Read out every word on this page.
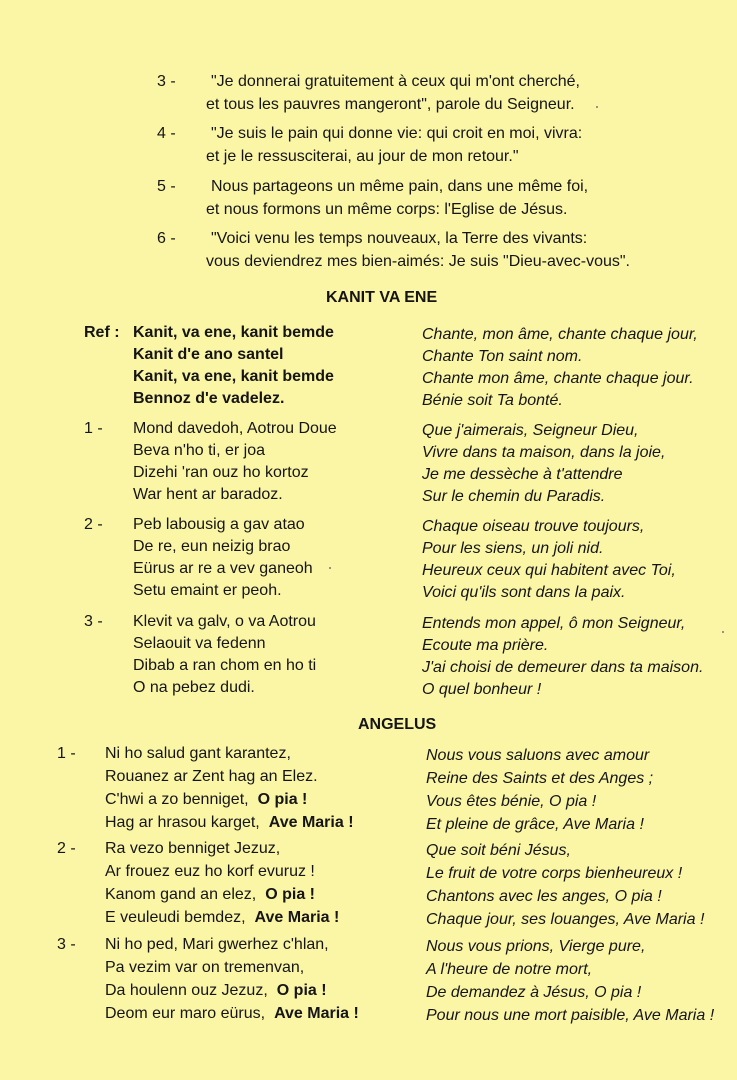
3 - "Je donnerai gratuitement à ceux qui m'ont cherché,
et tous les pauvres mangeront", parole du Seigneur.
4 - "Je suis le pain qui donne vie: qui croit en moi, vivra:
et je le ressusciterai, au jour de mon retour."
5 - Nous partageons un même pain, dans une même foi,
et nous formons un même corps: l'Eglise de Jésus.
6 - "Voici venu les temps nouveaux, la Terre des vivants:
vous deviendrez mes bien-aimés: Je suis "Dieu-avec-vous".
KANIT VA ENE
Ref : Kanit, va ene, kanit bemde
Kanit d'e ano santel
Kanit, va ene, kanit bemde
Bennoz d'e vadelez.
Chante, mon âme, chante chaque jour,
Chante Ton saint nom.
Chante mon âme, chante chaque jour.
Bénie soit Ta bonté.
1 - Mond davedoh, Aotrou Doue
Beva n'ho ti, er joa
Dizehi 'ran ouz ho kortoz
War hent ar baradoz.
Que j'aimerais, Seigneur Dieu,
Vivre dans ta maison, dans la joie,
Je me dessèche à t'attendre
Sur le chemin du Paradis.
2 - Peb labousig a gav atao
De re, eun neizig brao
Eürus ar re a vev ganeoh
Setu emaint er peoh.
Chaque oiseau trouve toujours,
Pour les siens, un joli nid.
Heureux ceux qui habitent avec Toi,
Voici qu'ils sont dans la paix.
3 - Klevit va galv, o va Aotrou
Selaouit va fedenn
Dibab a ran chom en ho ti
O na pebez dudi.
Entends mon appel, ô mon Seigneur,
Ecoute ma prière.
J'ai choisi de demeurer dans ta maison.
O quel bonheur !
ANGELUS
1 - Ni ho salud gant karantez,
Rouanez ar Zent hag an Elez.
C'hwi a zo benniget, O pia !
Hag ar hrasou karget, Ave Maria !
Nous vous saluons avec amour
Reine des Saints et des Anges ;
Vous êtes bénie, O pia !
Et pleine de grâce, Ave Maria !
2 - Ra vezo benniget Jezuz,
Ar frouez euz ho korf evuruz !
Kanom gand an elez, O pia !
E veuleudi bemdez, Ave Maria !
Que soit béni Jésus,
Le fruit de votre corps bienheureux !
Chantons avec les anges, O pia !
Chaque jour, ses louanges, Ave Maria !
3 - Ni ho ped, Mari gwerhez c'hlan,
Pa vezim var on tremenvan,
Da houlenn ouz Jezuz, O pia !
Deom eur maro eürus, Ave Maria !
Nous vous prions, Vierge pure,
A l'heure de notre mort,
De demandez à Jésus, O pia !
Pour nous une mort paisible, Ave Maria !
